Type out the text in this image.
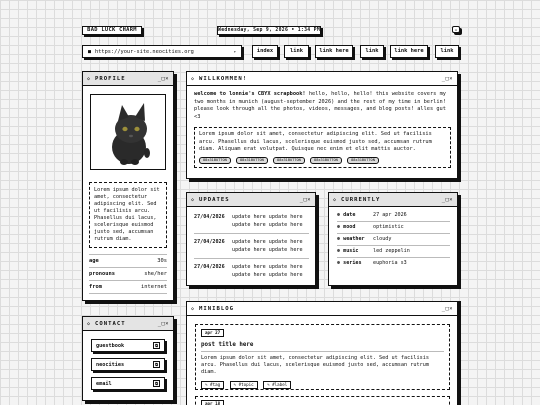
BAD LUCK CHARM	Wednesday, Sep 9, 2026 • 1:34 PM	=
■ https://your-site.neocities.org	▾	index	link	link here	link	link here	link
◇ PROFILE	_□×
Lorem ipsum dolor sit amet, consectetur adipiscing elit. Sed ut facilisis arcu. Phasellus dui lacus, scelerisque euismod justo sed, accumsan rutrum diam.
age	30s
pronouns	she/her
from	internet
◇ WILLKOMMEN!	_□×
welcome to lonnie's CBYX scrapbook! hello, hello, hello! this website covers my two months in munich (august-september 2026) and the rest of my time in berlin! please look through all the photos, videos, messages, and blog posts! alles gut <3
Lorem ipsum dolor sit amet, consectetur adipiscing elit. Sed ut facilisis arcu. Phasellus dui lacus, scelerisque euismod justo sed, accumsan rutrum diam. Aliquam erat volutpat. Quisque nec enim et elit mattis auctor.
88x31BUTTON	88x31BUTTON	88x31BUTTON	88x31BUTTON	88x31BUTTON
◇ UPDATES	_□×
27/04/2026	update here update here
update here update here
27/04/2026	update here update here
update here update here
27/04/2026	update here update here
update here update here
◇ CURRENTLY	_□×
✽ date	27 apr 2026
✽ mood	optimistic
✽ weather	cloudy
✽ music	led zeppelin
✽ series	euphoria s3
◇ CONTACT	_□×
guestbook	⧉
neocities	⧉
email	⧉
◇ MINIBLOG	_□×
apr 27
post title here
Lorem ipsum dolor sit amet, consectetur adipiscing elit. Sed ut facilisis arcu. Phasellus dui lacus, scelerisque euismod justo sed, accumsan rutrum diam.
✎ #tag	✎ #topic	✎ #label
apr 18
